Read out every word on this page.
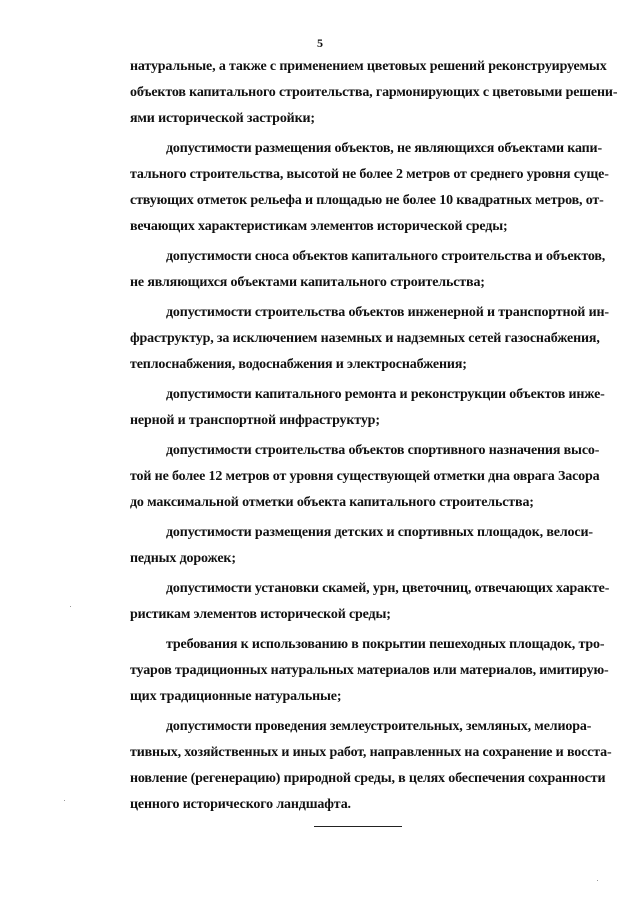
5
натуральные, а также с применением цветовых решений реконструируемых
объектов капитального строительства, гармонирующих с цветовыми решени-
ями исторической застройки;
допустимости размещения объектов, не являющихся объектами капи-
тального строительства, высотой не более 2 метров от среднего уровня суще-
ствующих отметок рельефа и площадью не более 10 квадратных метров, от-
вечающих характеристикам элементов исторической среды;
допустимости сноса объектов капитального строительства и объектов,
не являющихся объектами капитального строительства;
допустимости строительства объектов инженерной и транспортной ин-
фраструктур, за исключением наземных и надземных сетей газоснабжения,
теплоснабжения, водоснабжения и электроснабжения;
допустимости капитального ремонта и реконструкции объектов инже-
нерной и транспортной инфраструктур;
допустимости строительства объектов спортивного назначения высо-
той не более 12 метров от уровня существующей отметки дна оврага Засора
до максимальной отметки объекта капитального строительства;
допустимости размещения детских и спортивных площадок, велоси-
педных дорожек;
допустимости установки скамей, урн, цветочниц, отвечающих характе-
ристикам элементов исторической среды;
требования к использованию в покрытии пешеходных площадок, тро-
туаров традиционных натуральных материалов или материалов, имитирую-
щих традиционные натуральные;
допустимости проведения землеустроительных, земляных, мелиора-
тивных, хозяйственных и иных работ, направленных на сохранение и восста-
новление (регенерацию) природной среды, в целях обеспечения сохранности
ценного исторического ландшафта.
